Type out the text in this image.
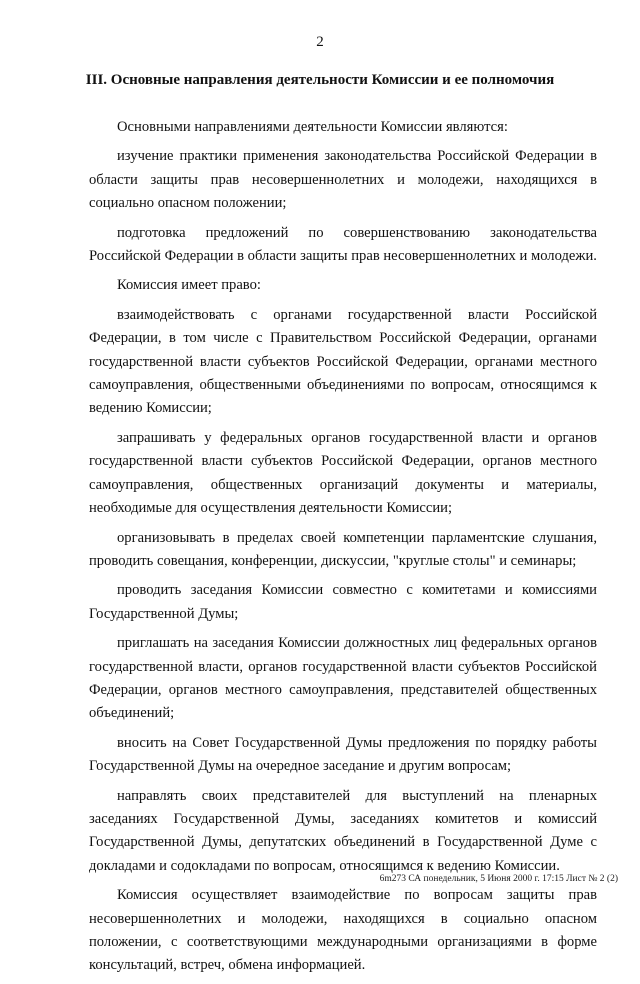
2
III. Основные направления деятельности Комиссии и ее полномочия

Основными направлениями деятельности Комиссии являются:

изучение практики применения законодательства Российской Федерации в области защиты прав несовершеннолетних и молодежи, находящихся в социально опасном положении;

подготовка предложений по совершенствованию законодательства Российской Федерации в области защиты прав несовершеннолетних и молодежи.

Комиссия имеет право:

взаимодействовать с органами государственной власти Российской Федерации, в том числе с Правительством Российской Федерации, органами государственной власти субъектов Российской Федерации, органами местного самоуправления, общественными объединениями по вопросам, относящимся к ведению Комиссии;

запрашивать у федеральных органов государственной власти и органов государственной власти субъектов Российской Федерации, органов местного самоуправления, общественных организаций документы и материалы, необходимые для осуществления деятельности Комиссии;

организовывать в пределах своей компетенции парламентские слушания, проводить совещания, конференции, дискуссии, "круглые столы" и семинары;

проводить заседания Комиссии совместно с комитетами и комиссиями Государственной Думы;

приглашать на заседания Комиссии должностных лиц федеральных органов государственной власти, органов государственной власти субъектов Российской Федерации, органов местного самоуправления, представителей общественных объединений;

вносить на Совет Государственной Думы предложения по порядку работы Государственной Думы на очередное заседание и другим вопросам;

направлять своих представителей для выступлений на пленарных заседаниях Государственной Думы, заседаниях комитетов и комиссий Государственной Думы, депутатских объединений в Государственной Думе с докладами и содокладами по вопросам, относящимся к ведению Комиссии.

Комиссия осуществляет взаимодействие по вопросам защиты прав несовершеннолетних и молодежи, находящихся в социально опасном положении, с соответствующими международными организациями в форме консультаций, встреч, обмена информацией.

6m273 СА понедельник, 5 Июня 2000 г. 17:15 Лист № 2 (2)
